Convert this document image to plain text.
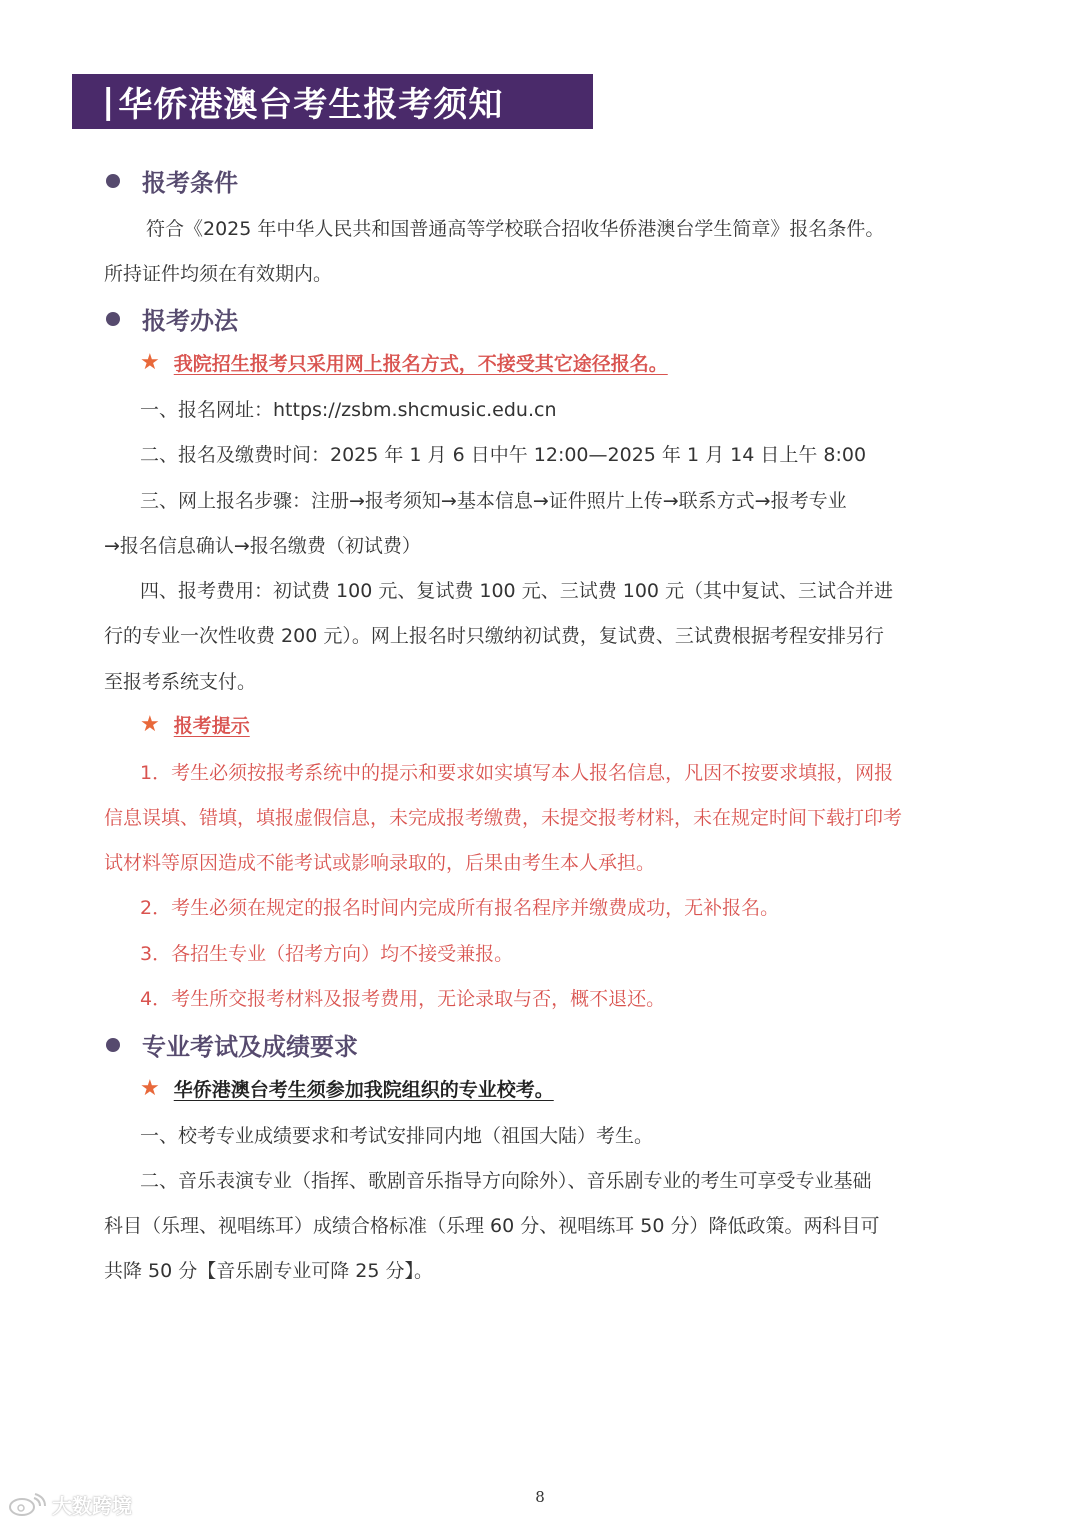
| 华侨港澳台考生报考须知
报考条件
符合《2025 年中华人民共和国普通高等学校联合招收华侨港澳台学生简章》报名条件。
所持证件均须在有效期内。
报考办法
★ 我院招生报考只采用网上报名方式，不接受其它途径报名。
一、报名网址：https://zsbm.shcmusic.edu.cn
二、报名及缴费时间：2025 年 1 月 6 日中午 12:00—2025 年 1 月 14 日上午 8:00
三、网上报名步骤：注册→报考须知→基本信息→证件照片上传→联系方式→报考专业
→报名信息确认→报名缴费（初试费）
四、报考费用：初试费 100 元、复试费 100 元、三试费 100 元（其中复试、三试合并进
行的专业一次性收费 200 元）。网上报名时只缴纳初试费，复试费、三试费根据考程安排另行
至报考系统支付。
★ 报考提示
1．考生必须按报考系统中的提示和要求如实填写本人报名信息，凡因不按要求填报，网报
信息误填、错填，填报虚假信息，未完成报考缴费，未提交报考材料，未在规定时间下载打印考
试材料等原因造成不能考试或影响录取的，后果由考生本人承担。
2．考生必须在规定的报名时间内完成所有报名程序并缴费成功，无补报名。
3．各招生专业（招考方向）均不接受兼报。
4．考生所交报考材料及报考费用，无论录取与否，概不退还。
专业考试及成绩要求
★ 华侨港澳台考生须参加我院组织的专业校考。
一、校考专业成绩要求和考试安排同内地（祖国大陆）考生。
二、音乐表演专业（指挥、歌剧音乐指导方向除外）、音乐剧专业的考生可享受专业基础
科目（乐理、视唱练耳）成绩合格标准（乐理 60 分、视唱练耳 50 分）降低政策。两科目可
共降 50 分【音乐剧专业可降 25 分】。
8
大数跨境
